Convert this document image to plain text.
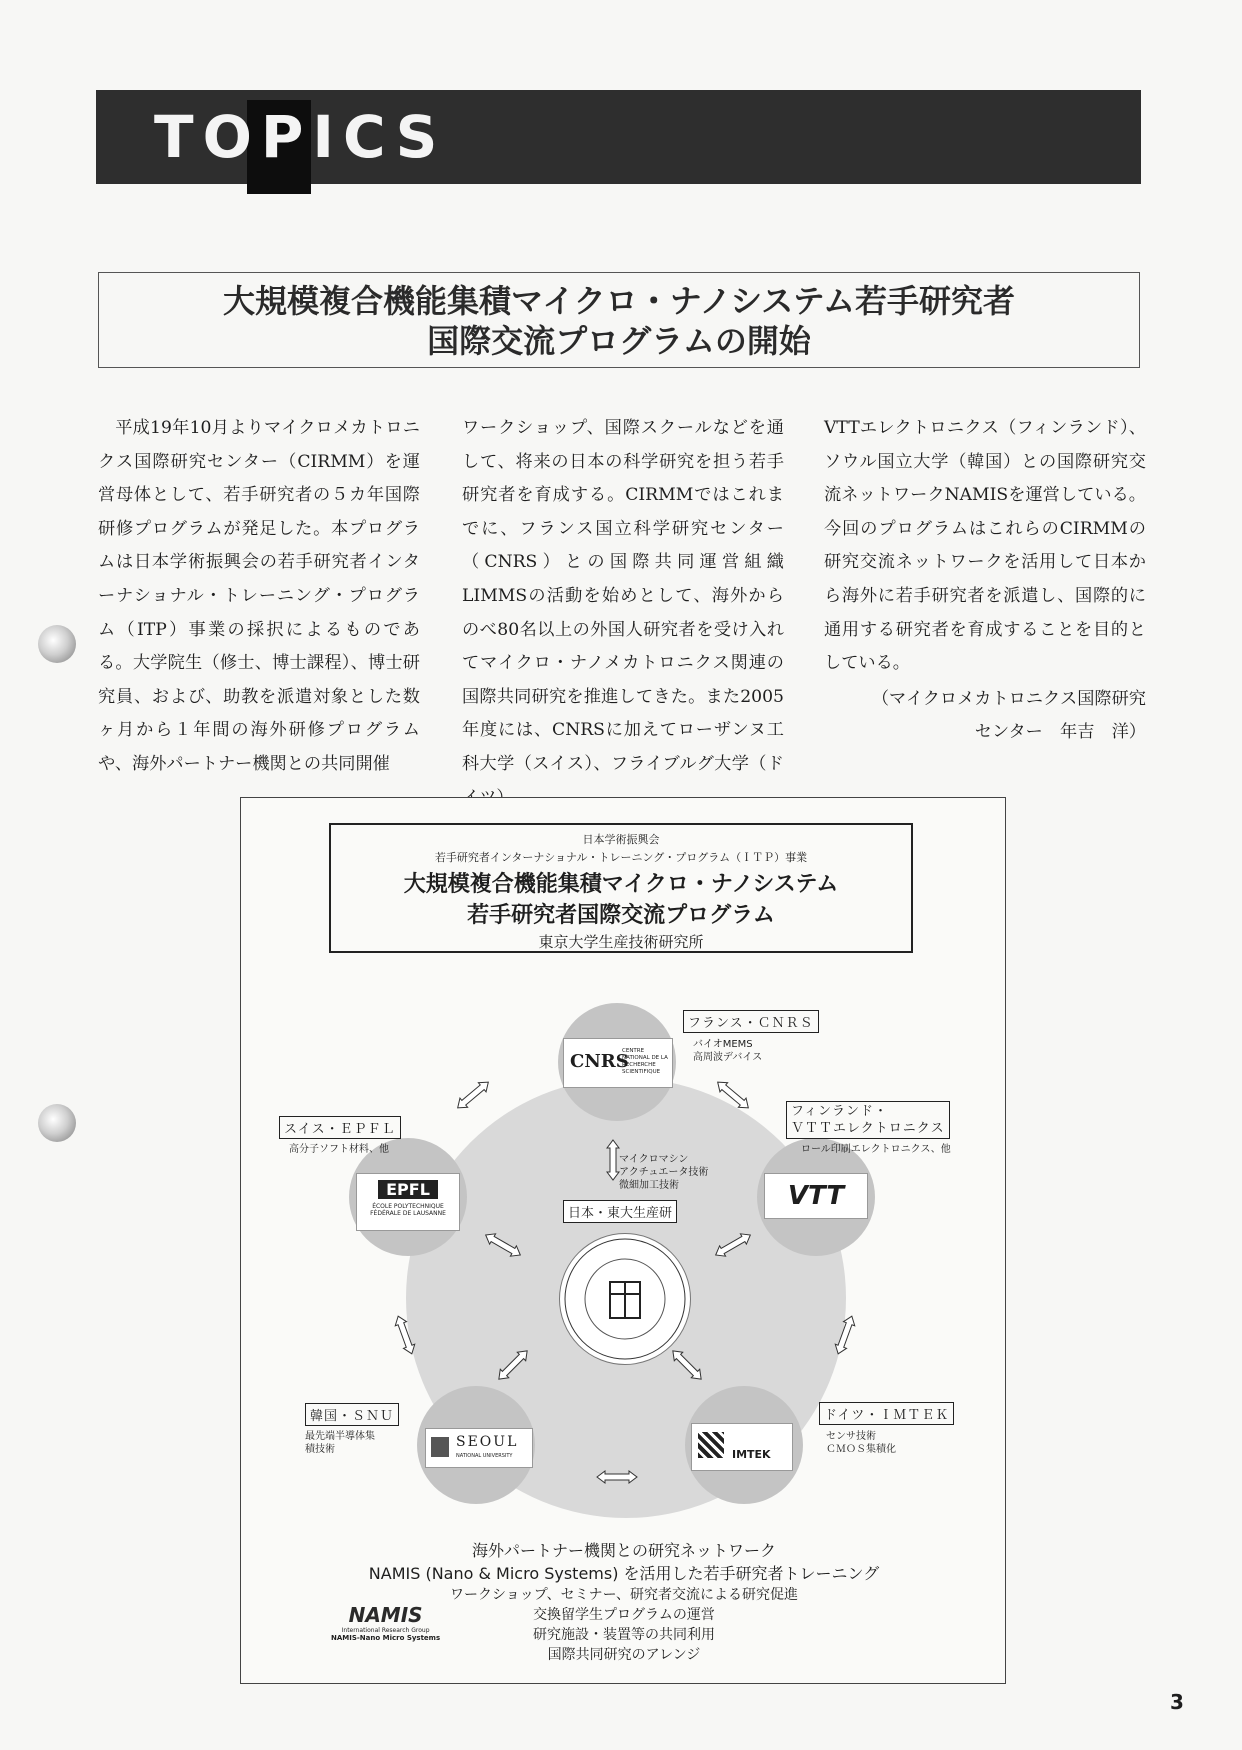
TOPICS
大規模複合機能集積マイクロ・ナノシステム若手研究者
国際交流プログラムの開始

平成19年10月よりマイクロメカトロニクス国際研究センター（CIRMM）を運営母体として、若手研究者の５カ年国際研修プログラムが発足した。本プログラムは日本学術振興会の若手研究者インターナショナル・トレーニング・プログラム（ITP）事業の採択によるものである。大学院生（修士、博士課程）、博士研究員、および、助教を派遣対象とした数ヶ月から１年間の海外研修プログラムや、海外パートナー機関との共同開催

ワークショップ、国際スクールなどを通して、将来の日本の科学研究を担う若手研究者を育成する。CIRMMではこれまでに、フランス国立科学研究センター（CNRS）との国際共同運営組織LIMMSの活動を始めとして、海外からのべ80名以上の外国人研究者を受け入れてマイクロ・ナノメカトロニクス関連の国際共同研究を推進してきた。また2005年度には、CNRSに加えてローザンヌ工科大学（スイス）、フライブルグ大学（ド

VTTエレクトロニクス（フィンランド）、ソウル国立大学（韓国）との国際研究交流ネットワークNAMISを運営している。今回のプログラムはこれらのCIRMMの研究交流ネットワークを活用して日本から海外に若手研究者を派遣し、国際的に通用する研究者を育成することを目的としている。

（マイクロメカトロニクス国際研究

センター　年吉　洋）

日本学術振興会
若手研究者インターナショナル・トレーニング・プログラム（ＩＴＰ）事業
大規模複合機能集積マイクロ・ナノシステム
若手研究者国際交流プログラム
東京大学生産技術研究所
CNRS
CENTRE NATIONAL DE LA RECHERCHE SCIENTIFIQUE
VTT
IMTEK
SEOUL
NATIONAL UNIVERSITY
EPFL
ÉCOLE POLYTECHNIQUE
FÉDÉRALE DE LAUSANNE
フランス・ＣＮＲＳ
バイオMEMS
高周波デバイス
フィンランド・
ＶＴＴエレクトロニクス
ロール印刷エレクトロニクス、他
ドイツ・ＩＭＴＥＫ
センサ技術
ＣＭＯＳ集積化
韓国・ＳＮＵ
最先端半導体集
積技術
スイス・ＥＰＦＬ
高分子ソフト材料、他
日本・東大生産研
マイクロマシン
アクチュエータ技術
微細加工技術
海外パートナー機関との研究ネットワーク
NAMIS (Nano & Micro Systems) を活用した若手研究者トレーニング
ワークショップ、セミナー、研究者交流による研究促進
交換留学生プログラムの運営
研究施設・装置等の共同利用
国際共同研究のアレンジ
NAMIS
International Research Group
NAMIS-Nano Micro Systems
3
